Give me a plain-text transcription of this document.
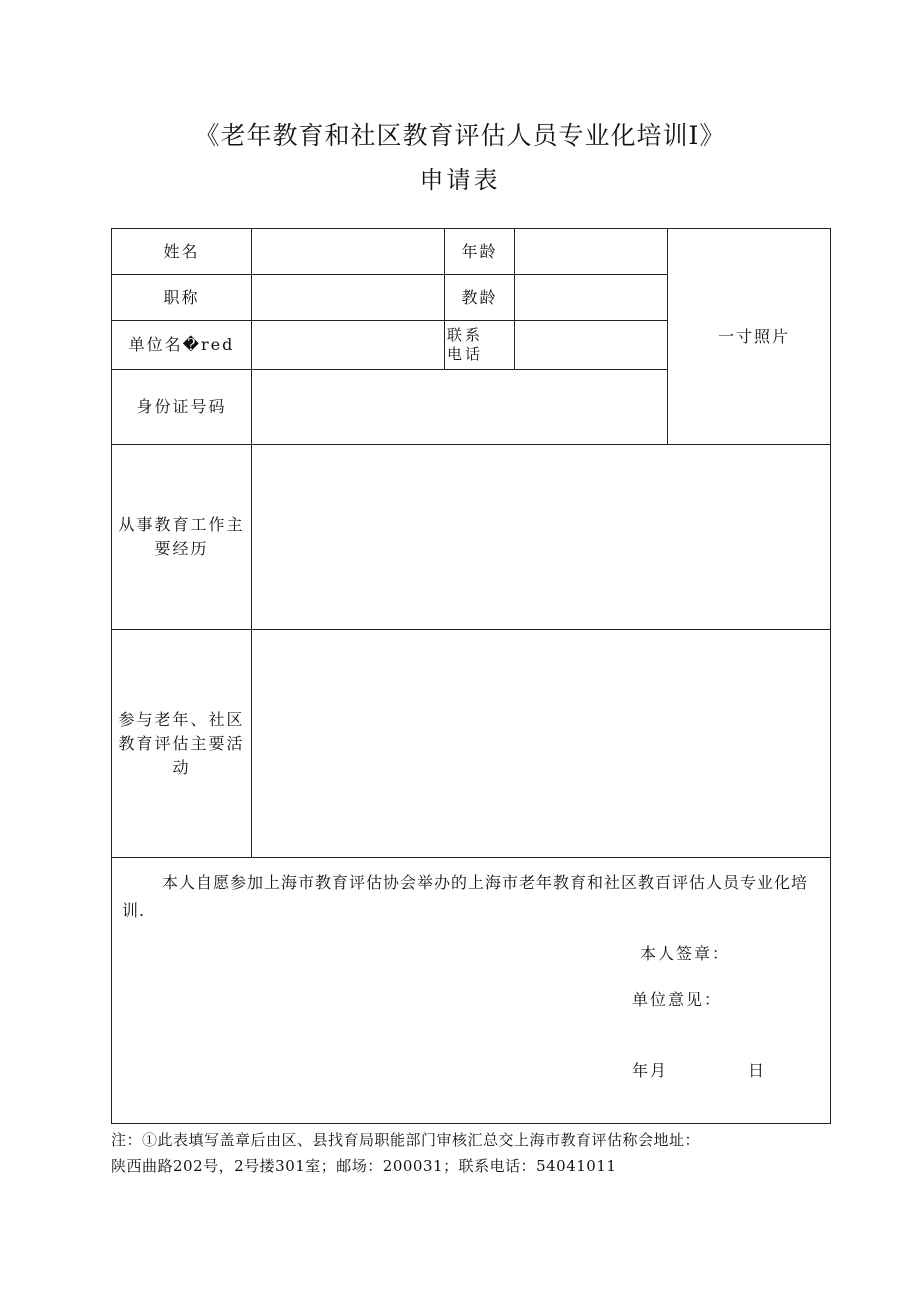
《老年教育和社区教育评估人员专业化培训I》
申请表
姓名	年龄
职称	教龄
单位名�red	联系
电话
身份证号码
一寸照片
从事教育工作主
要经历
参与老年、社区
教育评估主要活
动
本人自愿参加上海市教育评估协会举办的上海市老年教育和社区教百评估人员专业化培训.
本人签章：
单位意见：
年月	日
注：①此表填写盖章后由区、县找育局职能部门审核汇总交上海市教育评估称会地址：
陕西曲路202号，2号搂301室；邮场：200031；联系电话：54041011
